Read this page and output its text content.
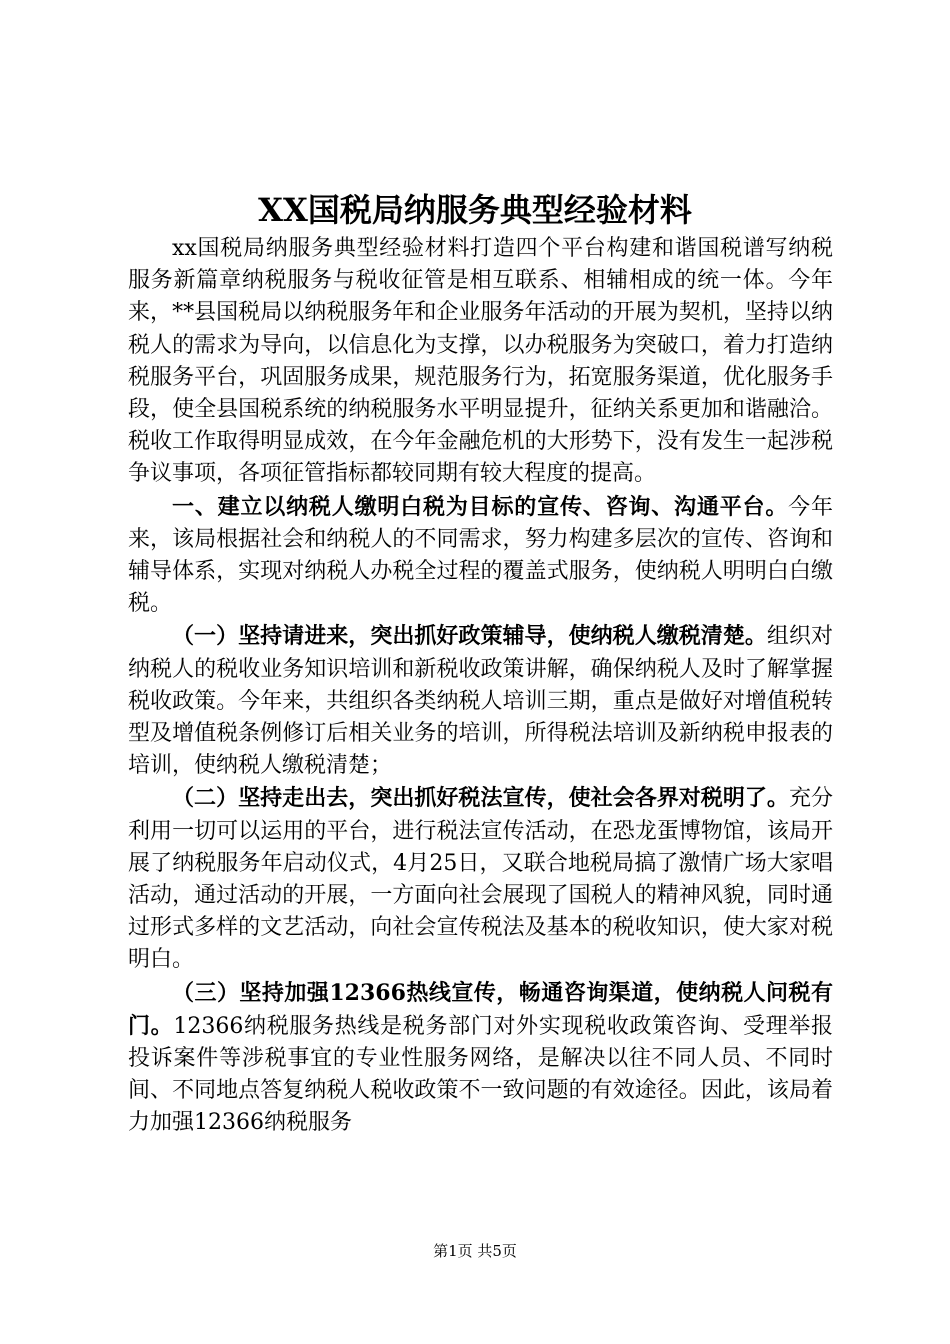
XX国税局纳服务典型经验材料

xx国税局纳服务典型经验材料打造四个平台构建和谐国税谱写纳税服务新篇章纳税服务与税收征管是相互联系、相辅相成的统一体。今年来，**县国税局以纳税服务年和企业服务年活动的开展为契机，坚持以纳税人的需求为导向，以信息化为支撑，以办税服务为突破口，着力打造纳税服务平台，巩固服务成果，规范服务行为，拓宽服务渠道，优化服务手段，使全县国税系统的纳税服务水平明显提升，征纳关系更加和谐融洽。税收工作取得明显成效，在今年金融危机的大形势下，没有发生一起涉税争议事项，各项征管指标都较同期有较大程度的提高。

一、建立以纳税人缴明白税为目标的宣传、咨询、沟通平台。今年来，该局根据社会和纳税人的不同需求，努力构建多层次的宣传、咨询和辅导体系，实现对纳税人办税全过程的覆盖式服务，使纳税人明明白白缴税。

（一）坚持请进来，突出抓好政策辅导，使纳税人缴税清楚。组织对纳税人的税收业务知识培训和新税收政策讲解，确保纳税人及时了解掌握税收政策。今年来，共组织各类纳税人培训三期，重点是做好对增值税转型及增值税条例修订后相关业务的培训，所得税法培训及新纳税申报表的培训，使纳税人缴税清楚；

（二）坚持走出去，突出抓好税法宣传，使社会各界对税明了。充分利用一切可以运用的平台，进行税法宣传活动，在恐龙蛋博物馆，该局开展了纳税服务年启动仪式，4月25日，又联合地税局搞了激情广场大家唱活动，通过活动的开展，一方面向社会展现了国税人的精神风貌，同时通过形式多样的文艺活动，向社会宣传税法及基本的税收知识，使大家对税明白。

（三）坚持加强12366热线宣传，畅通咨询渠道，使纳税人问税有门。12366纳税服务热线是税务部门对外实现税收政策咨询、受理举报投诉案件等涉税事宜的专业性服务网络，是解决以往不同人员、不同时间、不同地点答复纳税人税收政策不一致问题的有效途径。因此，该局着力加强12366纳税服务

第1页 共5页
